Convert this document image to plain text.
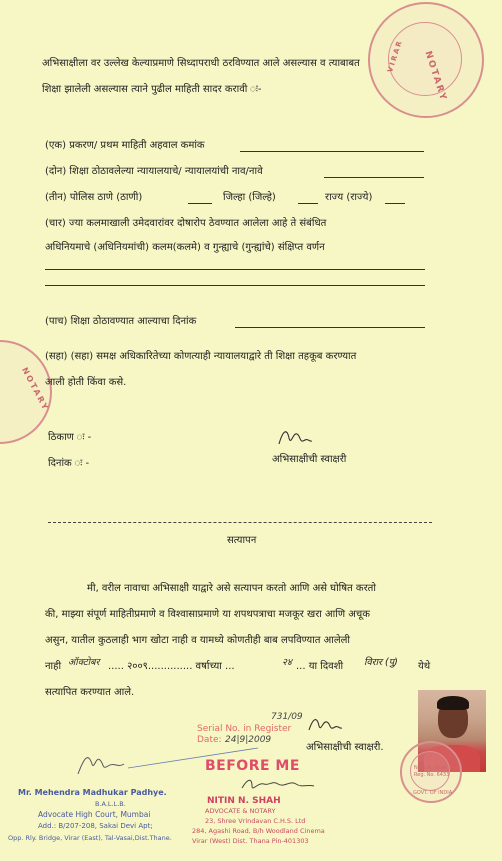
NOTARY
VIRAR
NOTARY
अभिसाक्षीला वर उल्लेख केल्याप्रमाणे सिध्दापराधी ठरविण्यात आले असल्यास व त्याबाबत
शिक्षा झालेली असल्यास त्याने पुढील माहिती सादर करावी ः-
(एक) प्रकरण/ प्रथम माहिती अहवाल कमांक
(दोन) शिक्षा ठोठावलेल्या न्यायालयाचे/ न्यायालयांची नाव/नावे
(तीन) पोलिस ठाणे (ठाणी)	जिल्हा (जिल्हे)	राज्य (राज्ये)
(चार) ज्या कलमाखाली उमेदवारांवर दोषारोप ठेवण्यात आलेला आहे ते संबंधित
अधिनियमाचे (अधिनियमांची) कलम(कलमे) व गुन्ह्याचे (गुन्ह्यांचे) संक्षिप्त वर्णन
(पाच) शिक्षा ठोठावण्यात आल्याचा दिनांक
(सहा) (सहा) समक्ष अधिकारितेच्या कोणत्याही न्यायालयाद्वारे ती शिक्षा तहकूब करण्यात
आली होती किंवा कसे.
ठिकाण ः -
दिनांक ः -	अभिसाक्षीची स्वाक्षरी
सत्यापन
मी, वरील नावाचा अभिसाक्षी याद्वारे असे सत्यापन करतो आणि असे घोषित करतो
की, माझ्या संपूर्ण माहितीप्रमाणे व विश्वासाप्रमाणे या शपथपत्राचा मजकूर खरा आणि अचूक
असुन, यातील कुठलाही भाग खोटा नाही व यामध्ये कोणतीही बाब लपविण्यात आलेली
नाही ऑक्टोबर ..... २००९.............. वर्षाच्या ...	२४ ... या दिवशी विरार (पु) येथे
सत्यापित करण्यात आले.
Serial No. in Register
731/09
Date: 24|9|2009
अभिसाक्षीची स्वाक्षरी.
Nitin N. Shah
Reg. No. 6433
GOVT. OF INDIA
BEFORE ME
NITIN N. SHAH
ADVOCATE & NOTARY
23, Shree Vrindavan C.H.S. Ltd
284, Agashi Road, B/h Woodland Cinema
Virar (West) Dist. Thana Pin-401303
Mr. Mehendra Madhukar Padhye.
B.A.L.L.B.
Advocate High Court, Mumbai
Add.: B/207-208, Sakai Devi Apt;
Opp. Rly. Bridge, Virar (East), Tal-Vasai,Dist.Thane.
